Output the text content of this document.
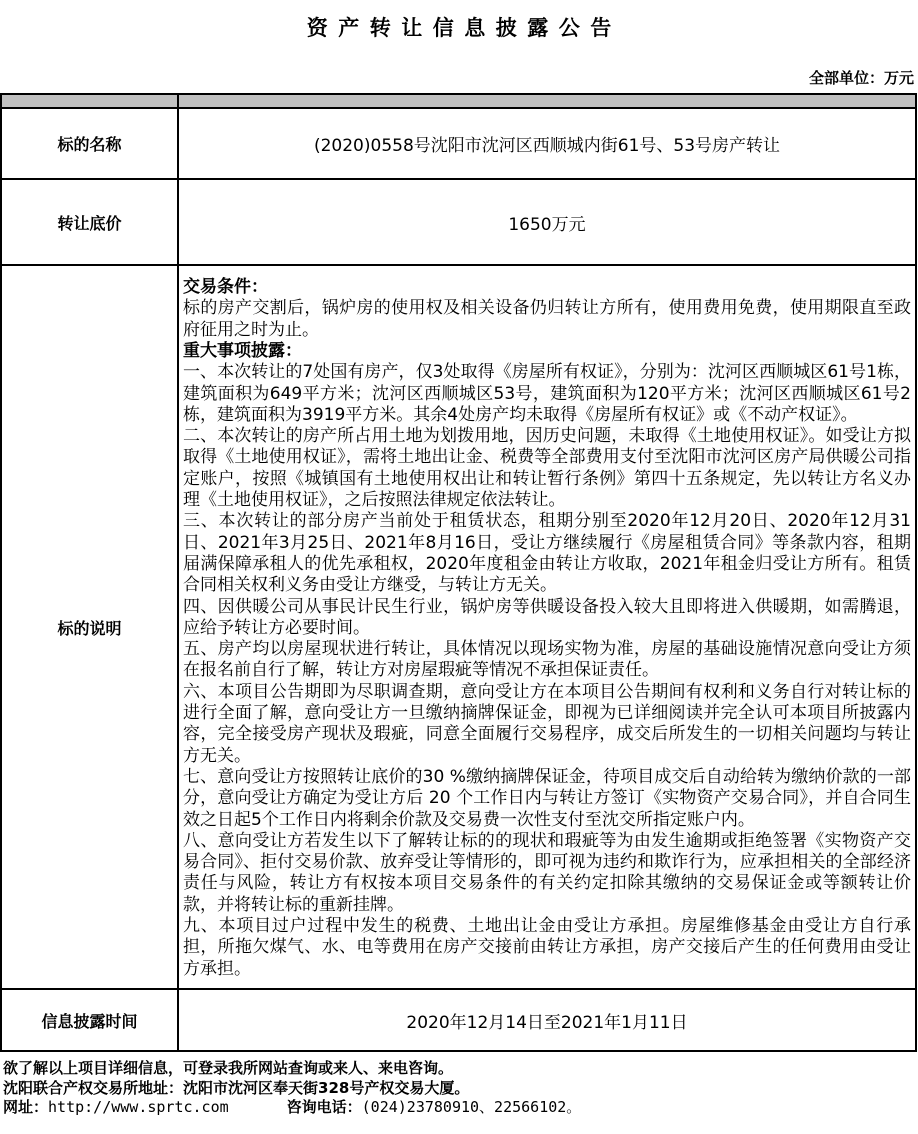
资产转让信息披露公告
全部单位：万元

标的名称	(2020)0558号沈阳市沈河区西顺城内街61号、53号房产转让
转让底价	1650万元
标的说明	
交易条件：
标的房产交割后，锅炉房的使用权及相关设备仍归转让方所有，使用费用免费，使用期限直至政府征用之时为止。
重大事项披露：
一、本次转让的7处国有房产，仅3处取得《房屋所有权证》，分别为：沈河区西顺城区61号1栋，建筑面积为649平方米；沈河区西顺城区53号，建筑面积为120平方米；沈河区西顺城区61号2栋，建筑面积为3919平方米。其余4处房产均未取得《房屋所有权证》或《不动产权证》。
二、本次转让的房产所占用土地为划拨用地，因历史问题，未取得《土地使用权证》。如受让方拟取得《土地使用权证》，需将土地出让金、税费等全部费用支付至沈阳市沈河区房产局供暖公司指定账户，按照《城镇国有土地使用权出让和转让暂行条例》第四十五条规定，先以转让方名义办理《土地使用权证》，之后按照法律规定依法转让。
三、本次转让的部分房产当前处于租赁状态，租期分别至2020年12月20日、2020年12月31日、2021年3月25日、2021年8月16日，受让方继续履行《房屋租赁合同》等条款内容，租期届满保障承租人的优先承租权，2020年度租金由转让方收取，2021年租金归受让方所有。租赁合同相关权利义务由受让方继受，与转让方无关。
四、因供暖公司从事民计民生行业，锅炉房等供暖设备投入较大且即将进入供暖期，如需腾退，应给予转让方必要时间。
五、房产均以房屋现状进行转让，具体情况以现场实物为准，房屋的基础设施情况意向受让方须在报名前自行了解，转让方对房屋瑕疵等情况不承担保证责任。
六、本项目公告期即为尽职调查期，意向受让方在本项目公告期间有权利和义务自行对转让标的进行全面了解，意向受让方一旦缴纳摘牌保证金，即视为已详细阅读并完全认可本项目所披露内容，完全接受房产现状及瑕疵，同意全面履行交易程序，成交后所发生的一切相关问题均与转让方无关。
七、意向受让方按照转让底价的30 %缴纳摘牌保证金，待项目成交后自动给转为缴纳价款的一部分，意向受让方确定为受让方后 20 个工作日内与转让方签订《实物资产交易合同》，并自合同生效之日起5个工作日内将剩余价款及交易费一次性支付至沈交所指定账户内。
八、意向受让方若发生以下了解转让标的的现状和瑕疵等为由发生逾期或拒绝签署《实物资产交易合同》、拒付交易价款、放弃受让等情形的，即可视为违约和欺诈行为，应承担相关的全部经济责任与风险，转让方有权按本项目交易条件的有关约定扣除其缴纳的交易保证金或等额转让价款，并将转让标的重新挂牌。
九、本项目过户过程中发生的税费、土地出让金由受让方承担。房屋维修基金由受让方自行承担，所拖欠煤气、水、电等费用在房产交接前由转让方承担，房产交接后产生的任何费用由受让方承担。

信息披露时间	2020年12月14日至2021年1月11日
欲了解以上项目详细信息，可登录我所网站查询或来人、来电咨询。
沈阳联合产权交易所地址：沈阳市沈河区奉天街328号产权交易大厦。
网址：http://www.sprtc.com	咨询电话：(024)23780910、22566102。
